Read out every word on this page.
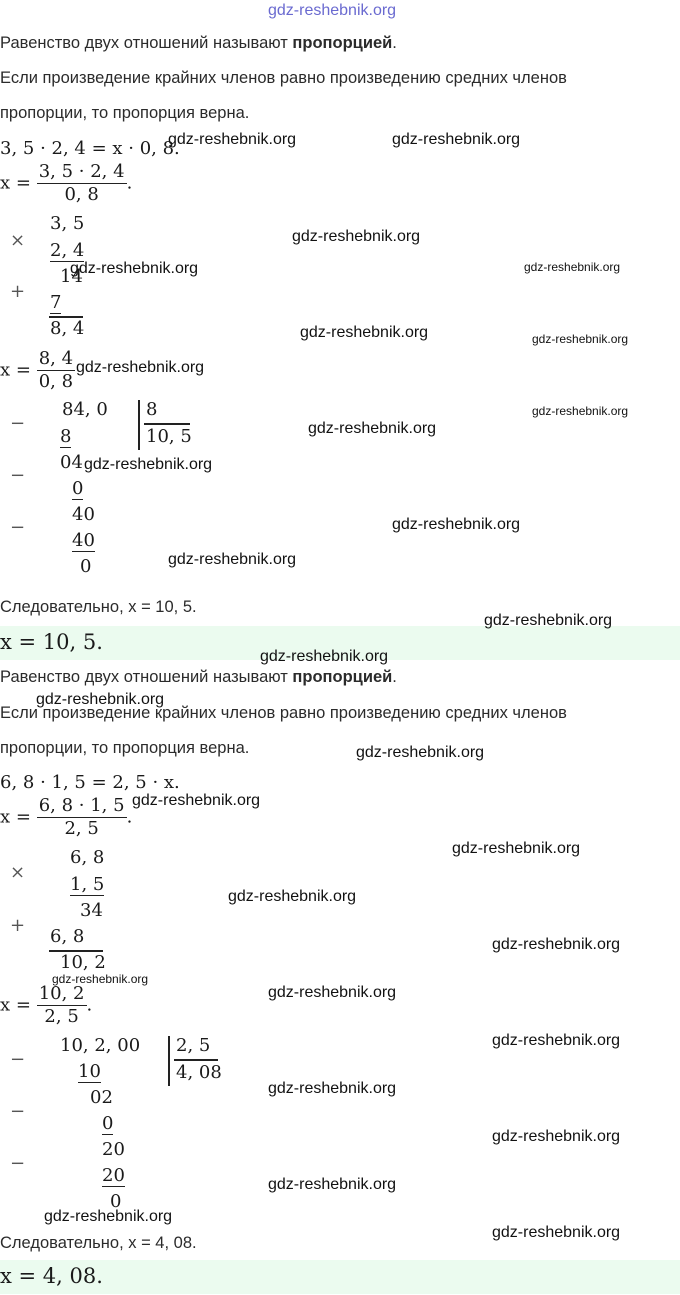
gdz-reshebnik.org
Равенство двух отношений называют пропорцией.
Если произведение крайних членов равно произведению средних членов
пропорции, то пропорция верна.
3, 5 · 2, 4 = x · 0, 8.
$x = \frac{3, 5 \cdot 2, 4}{0, 8}$ .
×
3, 5
2, 4
14
+
7
8, 4
$x = \frac{8, 4}{0, 8}$
−
84, 0 8
10, 5
8
04
−
0
40
−
40
0
Следовательно, x = 10, 5.
x = 10, 5.
Равенство двух отношений называют пропорцией.
Если произведение крайних членов равно произведению средних членов
пропорции, то пропорция верна.
6, 8 · 1, 5 = 2, 5 · x.
$x = \frac{6, 8 \cdot 1, 5}{2, 5}$ .
×
6, 8
1, 5
34
+
6, 8
10, 2
$x = \frac{10, 2}{2, 5}$ .
−
10, 2, 00 2, 5
4, 08
10
02
−
0
20
−
20
0
Следовательно, x = 4, 08.
x = 4, 08.
gdz-reshebnik.org	gdz-reshebnik.org
gdz-reshebnik.org
gdz-reshebnik.org	gdz-reshebnik.org
gdz-reshebnik.org	gdz-reshebnik.org
gdz-reshebnik.org
gdz-reshebnik.org
gdz-reshebnik.org
gdz-reshebnik.org
gdz-reshebnik.org
gdz-reshebnik.org
gdz-reshebnik.org
gdz-reshebnik.org
gdz-reshebnik.org
gdz-reshebnik.org
gdz-reshebnik.org
gdz-reshebnik.org
gdz-reshebnik.org
gdz-reshebnik.org
gdz-reshebnik.org
gdz-reshebnik.org
gdz-reshebnik.org
gdz-reshebnik.org
gdz-reshebnik.org
gdz-reshebnik.org
gdz-reshebnik.org
gdz-reshebnik.org
